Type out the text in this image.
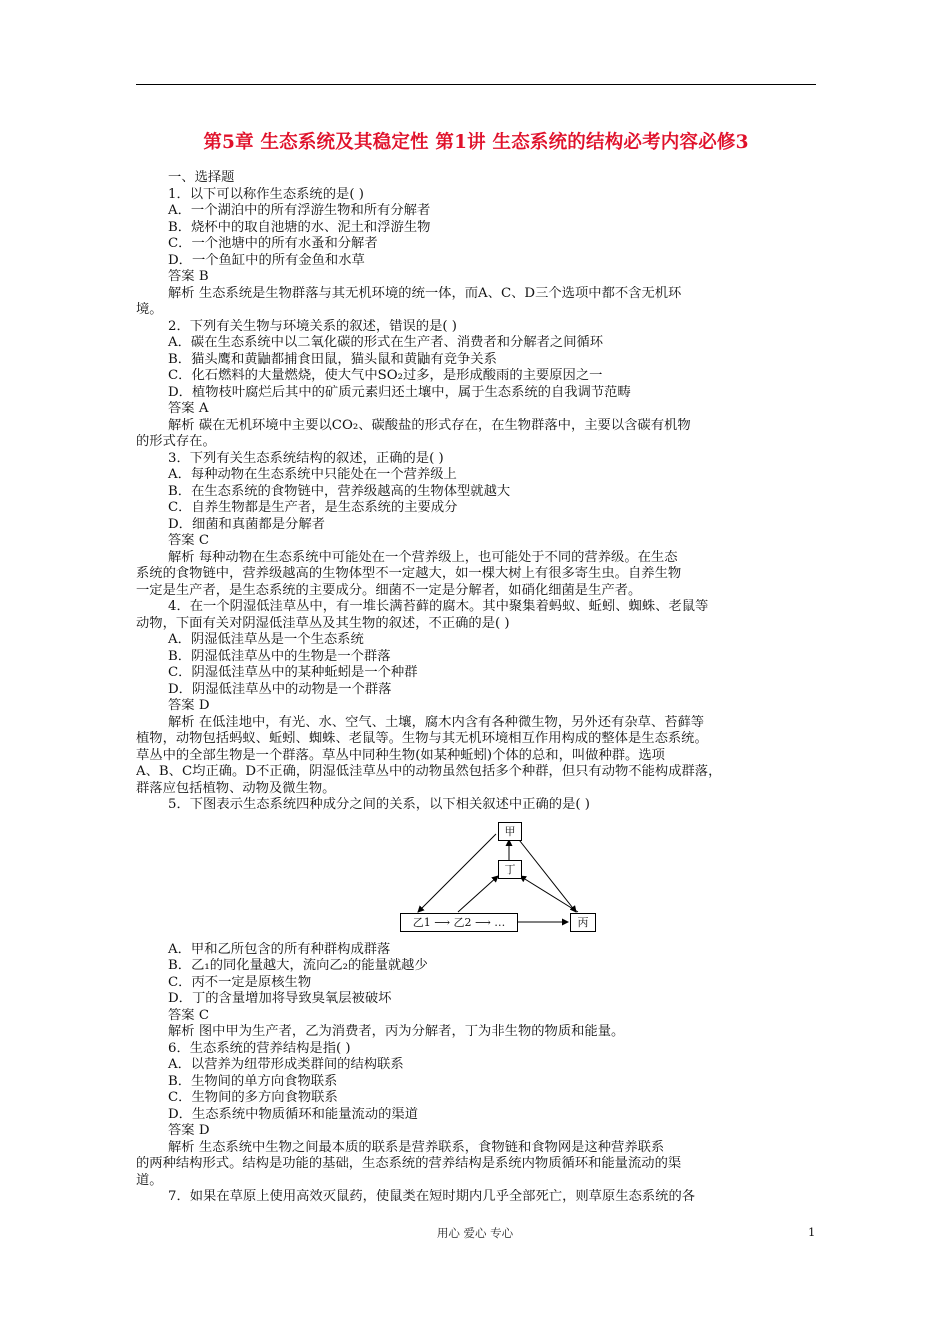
第5章 生态系统及其稳定性 第1讲 生态系统的结构必考内容必修3
一、选择题
1．以下可以称作生态系统的是( )
A．一个湖泊中的所有浮游生物和所有分解者
B．烧杯中的取自池塘的水、泥土和浮游生物
C．一个池塘中的所有水蚤和分解者
D．一个鱼缸中的所有金鱼和水草
答案 B
解析 生态系统是生物群落与其无机环境的统一体，而A、C、D三个选项中都不含无机环
境。
2．下列有关生物与环境关系的叙述，错误的是( )
A．碳在生态系统中以二氧化碳的形式在生产者、消费者和分解者之间循环
B．猫头鹰和黄鼬都捕食田鼠，猫头鼠和黄鼬有竞争关系
C．化石燃料的大量燃烧，使大气中SO₂过多，是形成酸雨的主要原因之一
D．植物枝叶腐烂后其中的矿质元素归还土壤中，属于生态系统的自我调节范畴
答案 A
解析 碳在无机环境中主要以CO₂、碳酸盐的形式存在，在生物群落中，主要以含碳有机物
的形式存在。
3．下列有关生态系统结构的叙述，正确的是( )
A．每种动物在生态系统中只能处在一个营养级上
B．在生态系统的食物链中，营养级越高的生物体型就越大
C．自养生物都是生产者，是生态系统的主要成分
D．细菌和真菌都是分解者
答案 C
解析 每种动物在生态系统中可能处在一个营养级上，也可能处于不同的营养级。在生态
系统的食物链中，营养级越高的生物体型不一定越大，如一棵大树上有很多寄生虫。自养生物
一定是生产者，是生态系统的主要成分。细菌不一定是分解者，如硝化细菌是生产者。
4．在一个阴湿低洼草丛中，有一堆长满苔藓的腐木。其中聚集着蚂蚁、蚯蚓、蜘蛛、老鼠等
动物，下面有关对阴湿低洼草丛及其生物的叙述，不正确的是( )
A．阴湿低洼草丛是一个生态系统
B．阴湿低洼草丛中的生物是一个群落
C．阴湿低洼草丛中的某种蚯蚓是一个种群
D．阴湿低洼草丛中的动物是一个群落
答案 D
解析 在低洼地中，有光、水、空气、土壤，腐木内含有各种微生物，另外还有杂草、苔藓等
植物，动物包括蚂蚁、蚯蚓、蜘蛛、老鼠等。生物与其无机环境相互作用构成的整体是生态系统。
草丛中的全部生物是一个群落。草丛中同种生物(如某种蚯蚓)个体的总和，叫做种群。选项
A、B、C均正确。D不正确，阴湿低洼草丛中的动物虽然包括多个种群，但只有动物不能构成群落，
群落应包括植物、动物及微生物。
5．下图表示生态系统四种成分之间的关系，以下相关叙述中正确的是( )
甲
丁
乙1 ⟶ 乙2 ⟶ …	丙
A．甲和乙所包含的所有种群构成群落
B．乙₁的同化量越大，流向乙₂的能量就越少
C．丙不一定是原核生物
D．丁的含量增加将导致臭氧层被破坏
答案 C
解析 图中甲为生产者，乙为消费者，丙为分解者，丁为非生物的物质和能量。
6．生态系统的营养结构是指( )
A．以营养为纽带形成类群间的结构联系
B．生物间的单方向食物联系
C．生物间的多方向食物联系
D．生态系统中物质循环和能量流动的渠道
答案 D
解析 生态系统中生物之间最本质的联系是营养联系，食物链和食物网是这种营养联系
的两种结构形式。结构是功能的基础，生态系统的营养结构是系统内物质循环和能量流动的渠
道。
7．如果在草原上使用高效灭鼠药，使鼠类在短时期内几乎全部死亡，则草原生态系统的各
用心 爱心 专心	1
